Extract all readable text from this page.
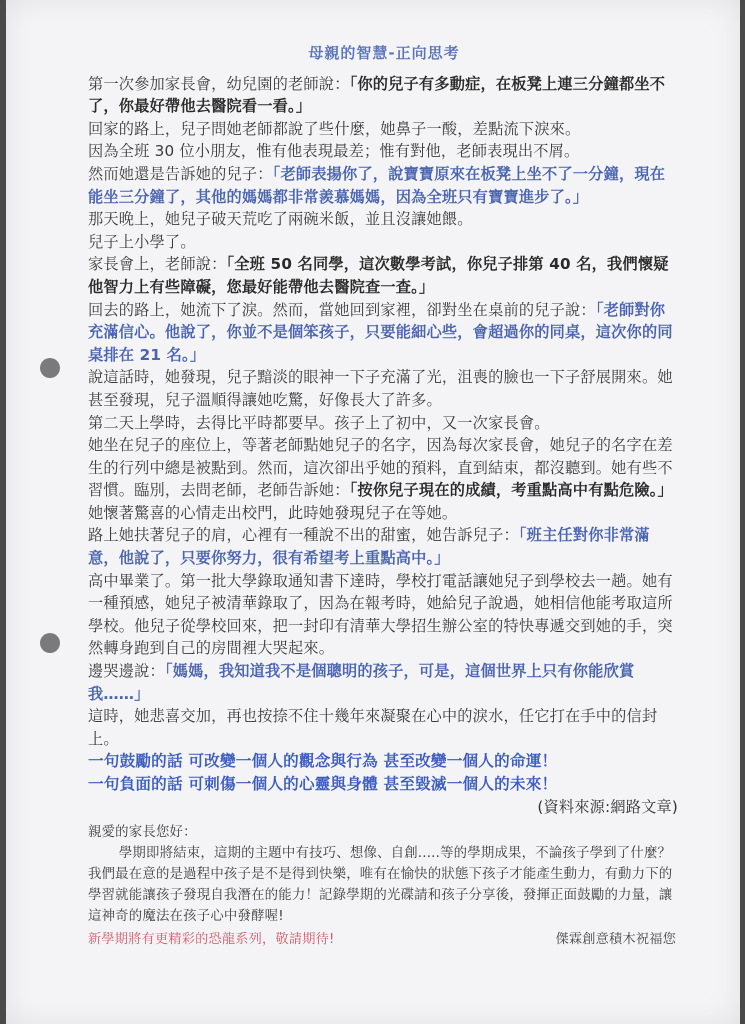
母親的智慧-正向思考

第一次參加家長會，幼兒園的老師說：「你的兒子有多動症，在板凳上連三分鐘都坐不了，你最好帶他去醫院看一看。」

回家的路上，兒子問她老師都說了些什麼，她鼻子一酸，差點流下淚來。

因為全班 30 位小朋友，惟有他表現最差；惟有對他，老師表現出不屑。

然而她還是告訴她的兒子：「老師表揚你了，說寶寶原來在板凳上坐不了一分鐘，現在能坐三分鐘了，其他的媽媽都非常羨慕媽媽，因為全班只有寶寶進步了。」

那天晚上，她兒子破天荒吃了兩碗米飯，並且沒讓她餵。

兒子上小學了。

家長會上，老師說：「全班 50 名同學，這次數學考試，你兒子排第 40 名，我們懷疑他智力上有些障礙，您最好能帶他去醫院查一查。」

回去的路上，她流下了淚。然而，當她回到家裡，卻對坐在桌前的兒子說：「老師對你充滿信心。他說了，你並不是個笨孩子，只要能細心些，會超過你的同桌，這次你的同桌排在 21 名。」

說這話時，她發現，兒子黯淡的眼神一下子充滿了光，沮喪的臉也一下子舒展開來。她甚至發現，兒子溫順得讓她吃驚，好像長大了許多。

第二天上學時，去得比平時都要早。孩子上了初中，又一次家長會。

她坐在兒子的座位上，等著老師點她兒子的名字，因為每次家長會，她兒子的名字在差生的行列中總是被點到。然而，這次卻出乎她的預料，直到結束，都沒聽到。她有些不習慣。臨別，去問老師，老師告訴她：「按你兒子現在的成績，考重點高中有點危險。」

她懷著驚喜的心情走出校門，此時她發現兒子在等她。

路上她扶著兒子的肩，心裡有一種說不出的甜蜜，她告訴兒子：「班主任對你非常滿意，他說了，只要你努力，很有希望考上重點高中。」

高中畢業了。第一批大學錄取通知書下達時，學校打電話讓她兒子到學校去一趟。她有一種預感，她兒子被清華錄取了，因為在報考時，她給兒子說過，她相信他能考取這所學校。他兒子從學校回來，把一封印有清華大學招生辦公室的特快專遞交到她的手，突然轉身跑到自己的房間裡大哭起來。

邊哭邊說：「媽媽，我知道我不是個聰明的孩子，可是，這個世界上只有你能欣賞我……」

這時，她悲喜交加，再也按捺不住十幾年來凝聚在心中的淚水，任它打在手中的信封上。

一句鼓勵的話 可改變一個人的觀念與行為 甚至改變一個人的命運！
一句負面的話 可刺傷一個人的心靈與身體 甚至毀滅一個人的未來！
(資料來源:網路文章)
親愛的家長您好：
學期即將結束，這期的主題中有技巧、想像、自創.....等的學期成果，不論孩子學到了什麼？我們最在意的是過程中孩子是不是得到快樂，唯有在愉快的狀態下孩子才能產生動力，有動力下的學習就能讓孩子發現自我潛在的能力！記錄學期的光碟請和孩子分享後，發揮正面鼓勵的力量，讓這神奇的魔法在孩子心中發酵喔!
新學期將有更精彩的恐龍系列，敬請期待!	傑霖創意積木祝福您
